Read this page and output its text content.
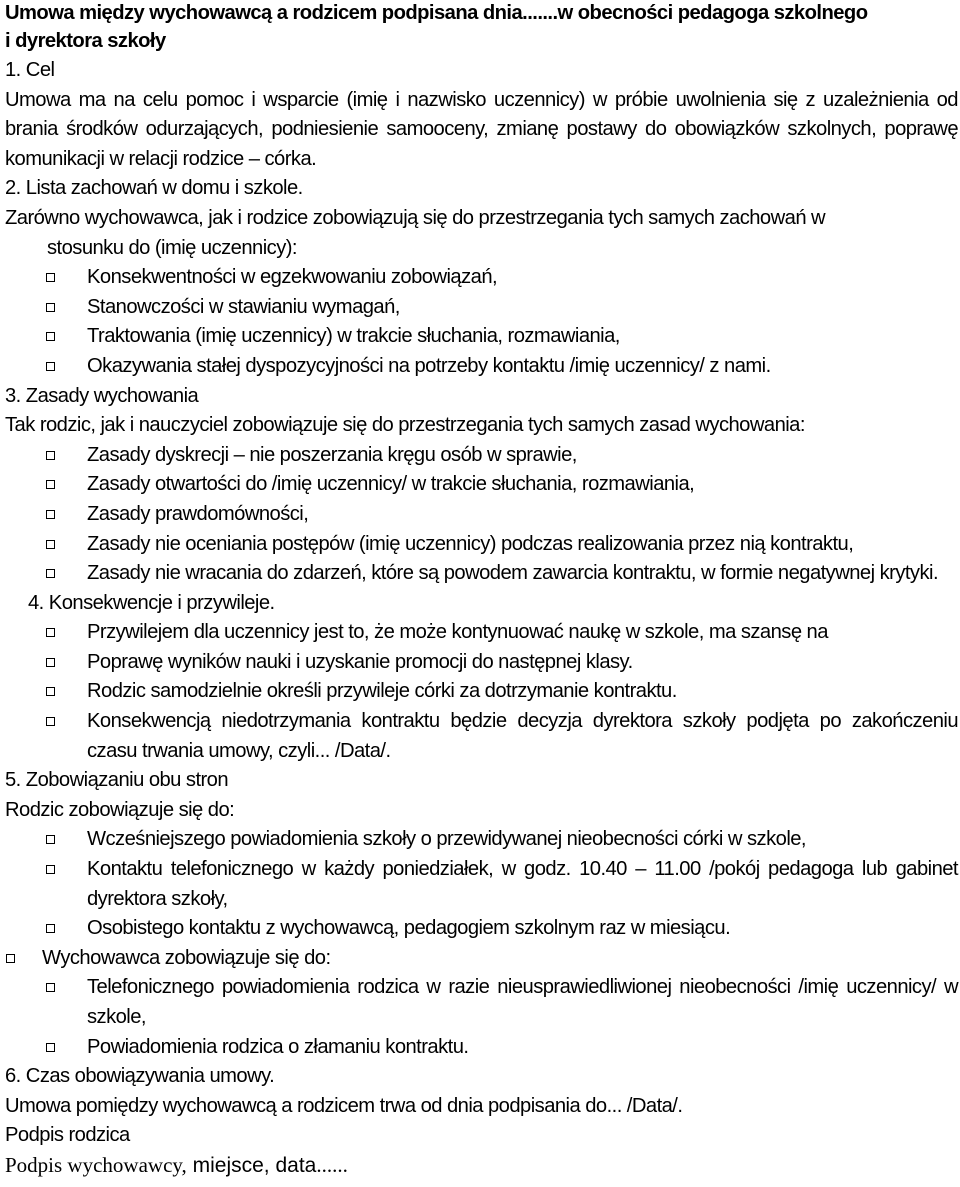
Umowa między wychowawcą a rodzicem podpisana dnia.......w obecności pedagoga szkolnego
i dyrektora szkoły

1. Cel

Umowa ma na celu pomoc i wsparcie (imię i nazwisko uczennicy) w próbie uwolnienia się z uzależnienia od brania środków odurzających, podniesienie samooceny, zmianę postawy do obowiązków szkolnych, poprawę komunikacji w relacji rodzice – córka.

2. Lista zachowań w domu i szkole.

Zarówno wychowawca, jak i rodzice zobowiązują się do przestrzegania tych samych zachowań w

stosunku do (imię uczennicy):

Konsekwentności w egzekwowaniu zobowiązań,
Stanowczości w stawianiu wymagań,
Traktowania (imię uczennicy) w trakcie słuchania, rozmawiania,
Okazywania stałej dyspozycyjności na potrzeby kontaktu /imię uczennicy/ z nami.

3. Zasady wychowania

Tak rodzic, jak i nauczyciel zobowiązuje się do przestrzegania tych samych zasad wychowania:

Zasady dyskrecji – nie poszerzania kręgu osób w sprawie,
Zasady otwartości do /imię uczennicy/ w trakcie słuchania, rozmawiania,
Zasady prawdomówności,
Zasady nie oceniania postępów (imię uczennicy) podczas realizowania przez nią kontraktu,
Zasady nie wracania do zdarzeń, które są powodem zawarcia kontraktu, w formie negatywnej krytyki.

4. Konsekwencje i przywileje.

Przywilejem dla uczennicy jest to, że może kontynuować naukę w szkole, ma szansę na
Poprawę wyników nauki i uzyskanie promocji do następnej klasy.
Rodzic samodzielnie określi przywileje córki za dotrzymanie kontraktu.
Konsekwencją niedotrzymania kontraktu będzie decyzja dyrektora szkoły podjęta po zakończeniu czasu trwania umowy, czyli... /Data/.

5. Zobowiązaniu obu stron

Rodzic zobowiązuje się do:

Wcześniejszego powiadomienia szkoły o przewidywanej nieobecności córki w szkole,
Kontaktu telefonicznego w każdy poniedziałek, w godz. 10.40 – 11.00 /pokój pedagoga lub gabinet dyrektora szkoły,
Osobistego kontaktu z wychowawcą, pedagogiem szkolnym raz w miesiącu.
Wychowawca zobowiązuje się do:
Telefonicznego powiadomienia rodzica w razie nieusprawiedliwionej nieobecności /imię uczennicy/ w szkole,
Powiadomienia rodzica o złamaniu kontraktu.

6. Czas obowiązywania umowy.

Umowa pomiędzy wychowawcą a rodzicem trwa od dnia podpisania do... /Data/.

Podpis rodzica

Podpis wychowawcy, miejsce, data......
